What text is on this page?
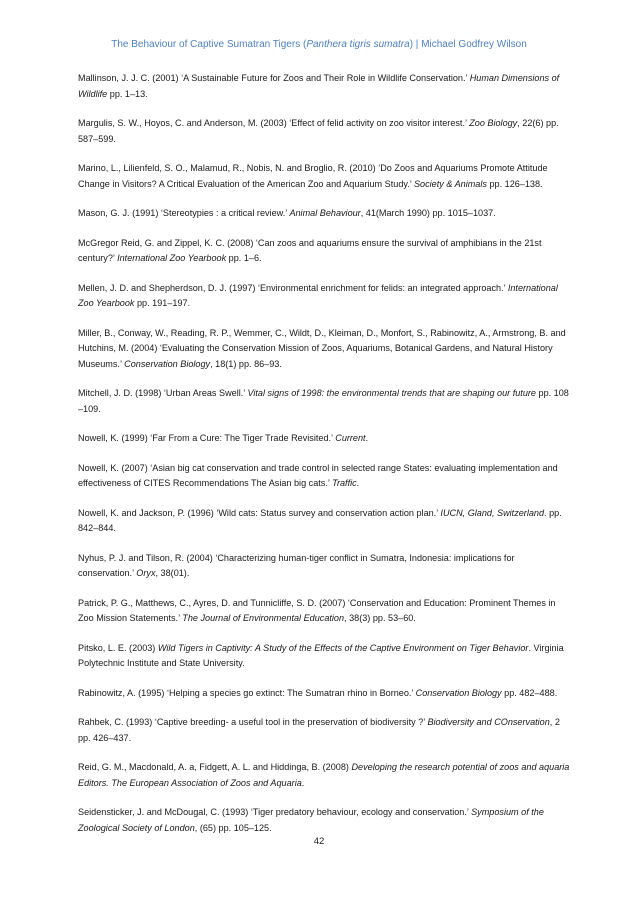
The Behaviour of Captive Sumatran Tigers (Panthera tigris sumatra) | Michael Godfrey Wilson

Mallinson, J. J. C. (2001) ‘A Sustainable Future for Zoos and Their Role in Wildlife Conservation.’ Human Dimensions of Wildlife pp. 1–13.

Margulis, S. W., Hoyos, C. and Anderson, M. (2003) ‘Effect of felid activity on zoo visitor interest.’ Zoo Biology, 22(6) pp. 587–599.

Marino, L., Lilienfeld, S. O., Malamud, R., Nobis, N. and Broglio, R. (2010) ‘Do Zoos and Aquariums Promote Attitude Change in Visitors? A Critical Evaluation of the American Zoo and Aquarium Study.’ Society & Animals pp. 126–138.

Mason, G. J. (1991) ‘Stereotypies : a critical review.’ Animal Behaviour, 41(March 1990) pp. 1015–1037.

McGregor Reid, G. and Zippel, K. C. (2008) ‘Can zoos and aquariums ensure the survival of amphibians in the 21st century?’ International Zoo Yearbook pp. 1–6.

Mellen, J. D. and Shepherdson, D. J. (1997) ‘Environmental enrichment for felids: an integrated approach.’ International Zoo Yearbook pp. 191–197.

Miller, B., Conway, W., Reading, R. P., Wemmer, C., Wildt, D., Kleiman, D., Monfort, S., Rabinowitz, A., Armstrong, B. and Hutchins, M. (2004) ‘Evaluating the Conservation Mission of Zoos, Aquariums, Botanical Gardens, and Natural History Museums.’ Conservation Biology, 18(1) pp. 86–93.

Mitchell, J. D. (1998) ‘Urban Areas Swell.’ Vital signs of 1998: the environmental trends that are shaping our future pp. 108 –109.

Nowell, K. (1999) ‘Far From a Cure: The Tiger Trade Revisited.’ Current.

Nowell, K. (2007) ‘Asian big cat conservation and trade control in selected range States: evaluating implementation and effectiveness of CITES Recommendations The Asian big cats.’ Traffic.

Nowell, K. and Jackson, P. (1996) ‘Wild cats: Status survey and conservation action plan.’ IUCN, Gland, Switzerland. pp. 842–844.

Nyhus, P. J. and Tilson, R. (2004) ‘Characterizing human-tiger conflict in Sumatra, Indonesia: implications for conservation.’ Oryx, 38(01).

Patrick, P. G., Matthews, C., Ayres, D. and Tunnicliffe, S. D. (2007) ‘Conservation and Education: Prominent Themes in Zoo Mission Statements.’ The Journal of Environmental Education, 38(3) pp. 53–60.

Pitsko, L. E. (2003) Wild Tigers in Captivity: A Study of the Effects of the Captive Environment on Tiger Behavior. Virginia Polytechnic Institute and State University.

Rabinowitz, A. (1995) ‘Helping a species go extinct: The Sumatran rhino in Borneo.’ Conservation Biology pp. 482–488.

Rahbek, C. (1993) ‘Captive breeding- a useful tool in the preservation of biodiversity ?’ Biodiversity and COnservation, 2 pp. 426–437.

Reid, G. M., Macdonald, A. a, Fidgett, A. L. and Hiddinga, B. (2008) Developing the research potential of zoos and aquaria Editors. The European Association of Zoos and Aquaria.

Seidensticker, J. and McDougal, C. (1993) ‘Tiger predatory behaviour, ecology and conservation.’ Symposium of the Zoological Society of London, (65) pp. 105–125.

42
